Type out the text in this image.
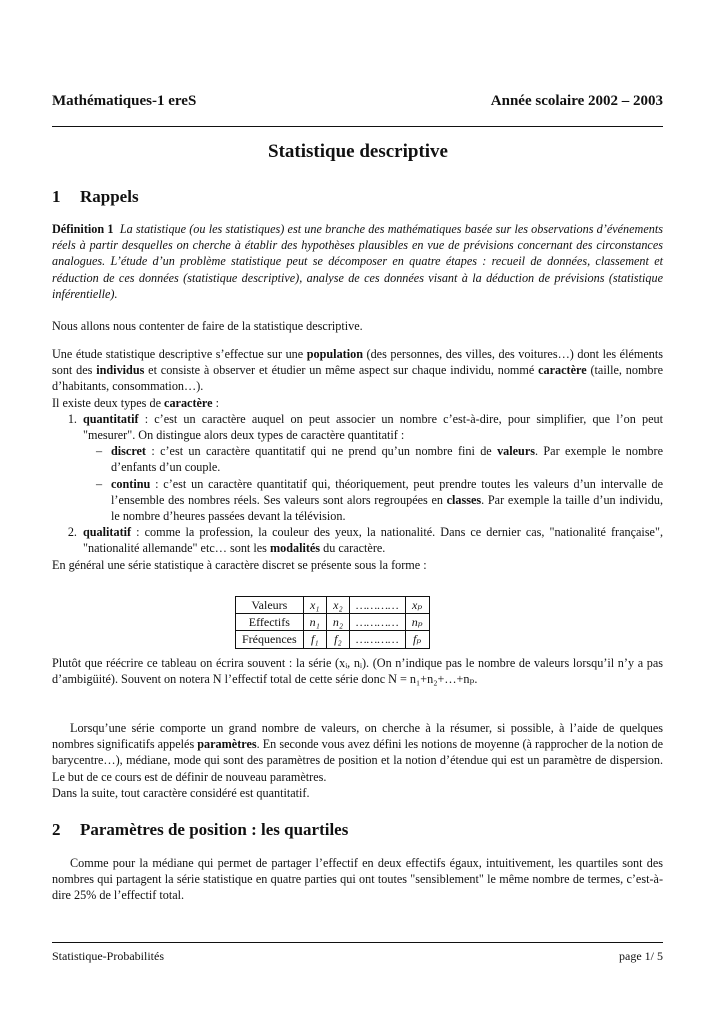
Mathématiques-1 ereS	Année scolaire 2002 – 2003
Statistique descriptive
1 Rappels

Définition 1 La statistique (ou les statistiques) est une branche des mathématiques basée sur les observations d’événements réels à partir desquelles on cherche à établir des hypothèses plausibles en vue de prévisions concernant des circonstances analogues. L’étude d’un problème statistique peut se décomposer en quatre étapes : recueil de données, classement et réduction de ces données (statistique descriptive), analyse de ces données visant à la déduction de prévisions (statistique inférentielle).

Nous allons nous contenter de faire de la statistique descriptive.

Une étude statistique descriptive s’effectue sur une population (des personnes, des villes, des voitures…) dont les éléments sont des individus et consiste à observer et étudier un même aspect sur chaque individu, nommé caractère (taille, nombre d’habitants, consommation…).

Il existe deux types de caractère :

1. quantitatif : c’est un caractère auquel on peut associer un nombre c’est-à-dire, pour simplifier, que l’on peut "mesurer". On distingue alors deux types de caractère quantitatif :
– discret : c’est un caractère quantitatif qui ne prend qu’un nombre fini de valeurs. Par exemple le nombre d’enfants d’un couple.
– continu : c’est un caractère quantitatif qui, théoriquement, peut prendre toutes les valeurs d’un intervalle de l’ensemble des nombres réels. Ses valeurs sont alors regroupées en classes. Par exemple la taille d’un individu, le nombre d’heures passées devant la télévision.
2. qualitatif : comme la profession, la couleur des yeux, la nationalité. Dans ce dernier cas, "nationalité française", "nationalité allemande" etc… sont les modalités du caractère.

En général une série statistique à caractère discret se présente sous la forme :

Valeurs	x₁	x₂	…………	xₚ
Effectifs	n₁	n₂	…………	nₚ
Fréquences	f₁	f₂	…………	fₚ

Plutôt que réécrire ce tableau on écrira souvent : la série (xᵢ, nᵢ). (On n’indique pas le nombre de valeurs lorsqu’il n’y a pas d’ambigüité). Souvent on notera N l’effectif total de cette série donc N = n₁+n₂+…+nₚ.

Lorsqu’une série comporte un grand nombre de valeurs, on cherche à la résumer, si possible, à l’aide de quelques nombres significatifs appelés paramètres. En seconde vous avez défini les notions de moyenne (à rapprocher de la notion de barycentre…), médiane, mode qui sont des paramètres de position et la notion d’étendue qui est un paramètre de dispersion. Le but de ce cours est de définir de nouveau paramètres.

Dans la suite, tout caractère considéré est quantitatif.

2 Paramètres de position : les quartiles

Comme pour la médiane qui permet de partager l’effectif en deux effectifs égaux, intuitivement, les quartiles sont des nombres qui partagent la série statistique en quatre parties qui ont toutes "sensiblement" le même nombre de termes, c’est-à-dire 25% de l’effectif total.

Statistique-Probabilités	page 1/ 5
